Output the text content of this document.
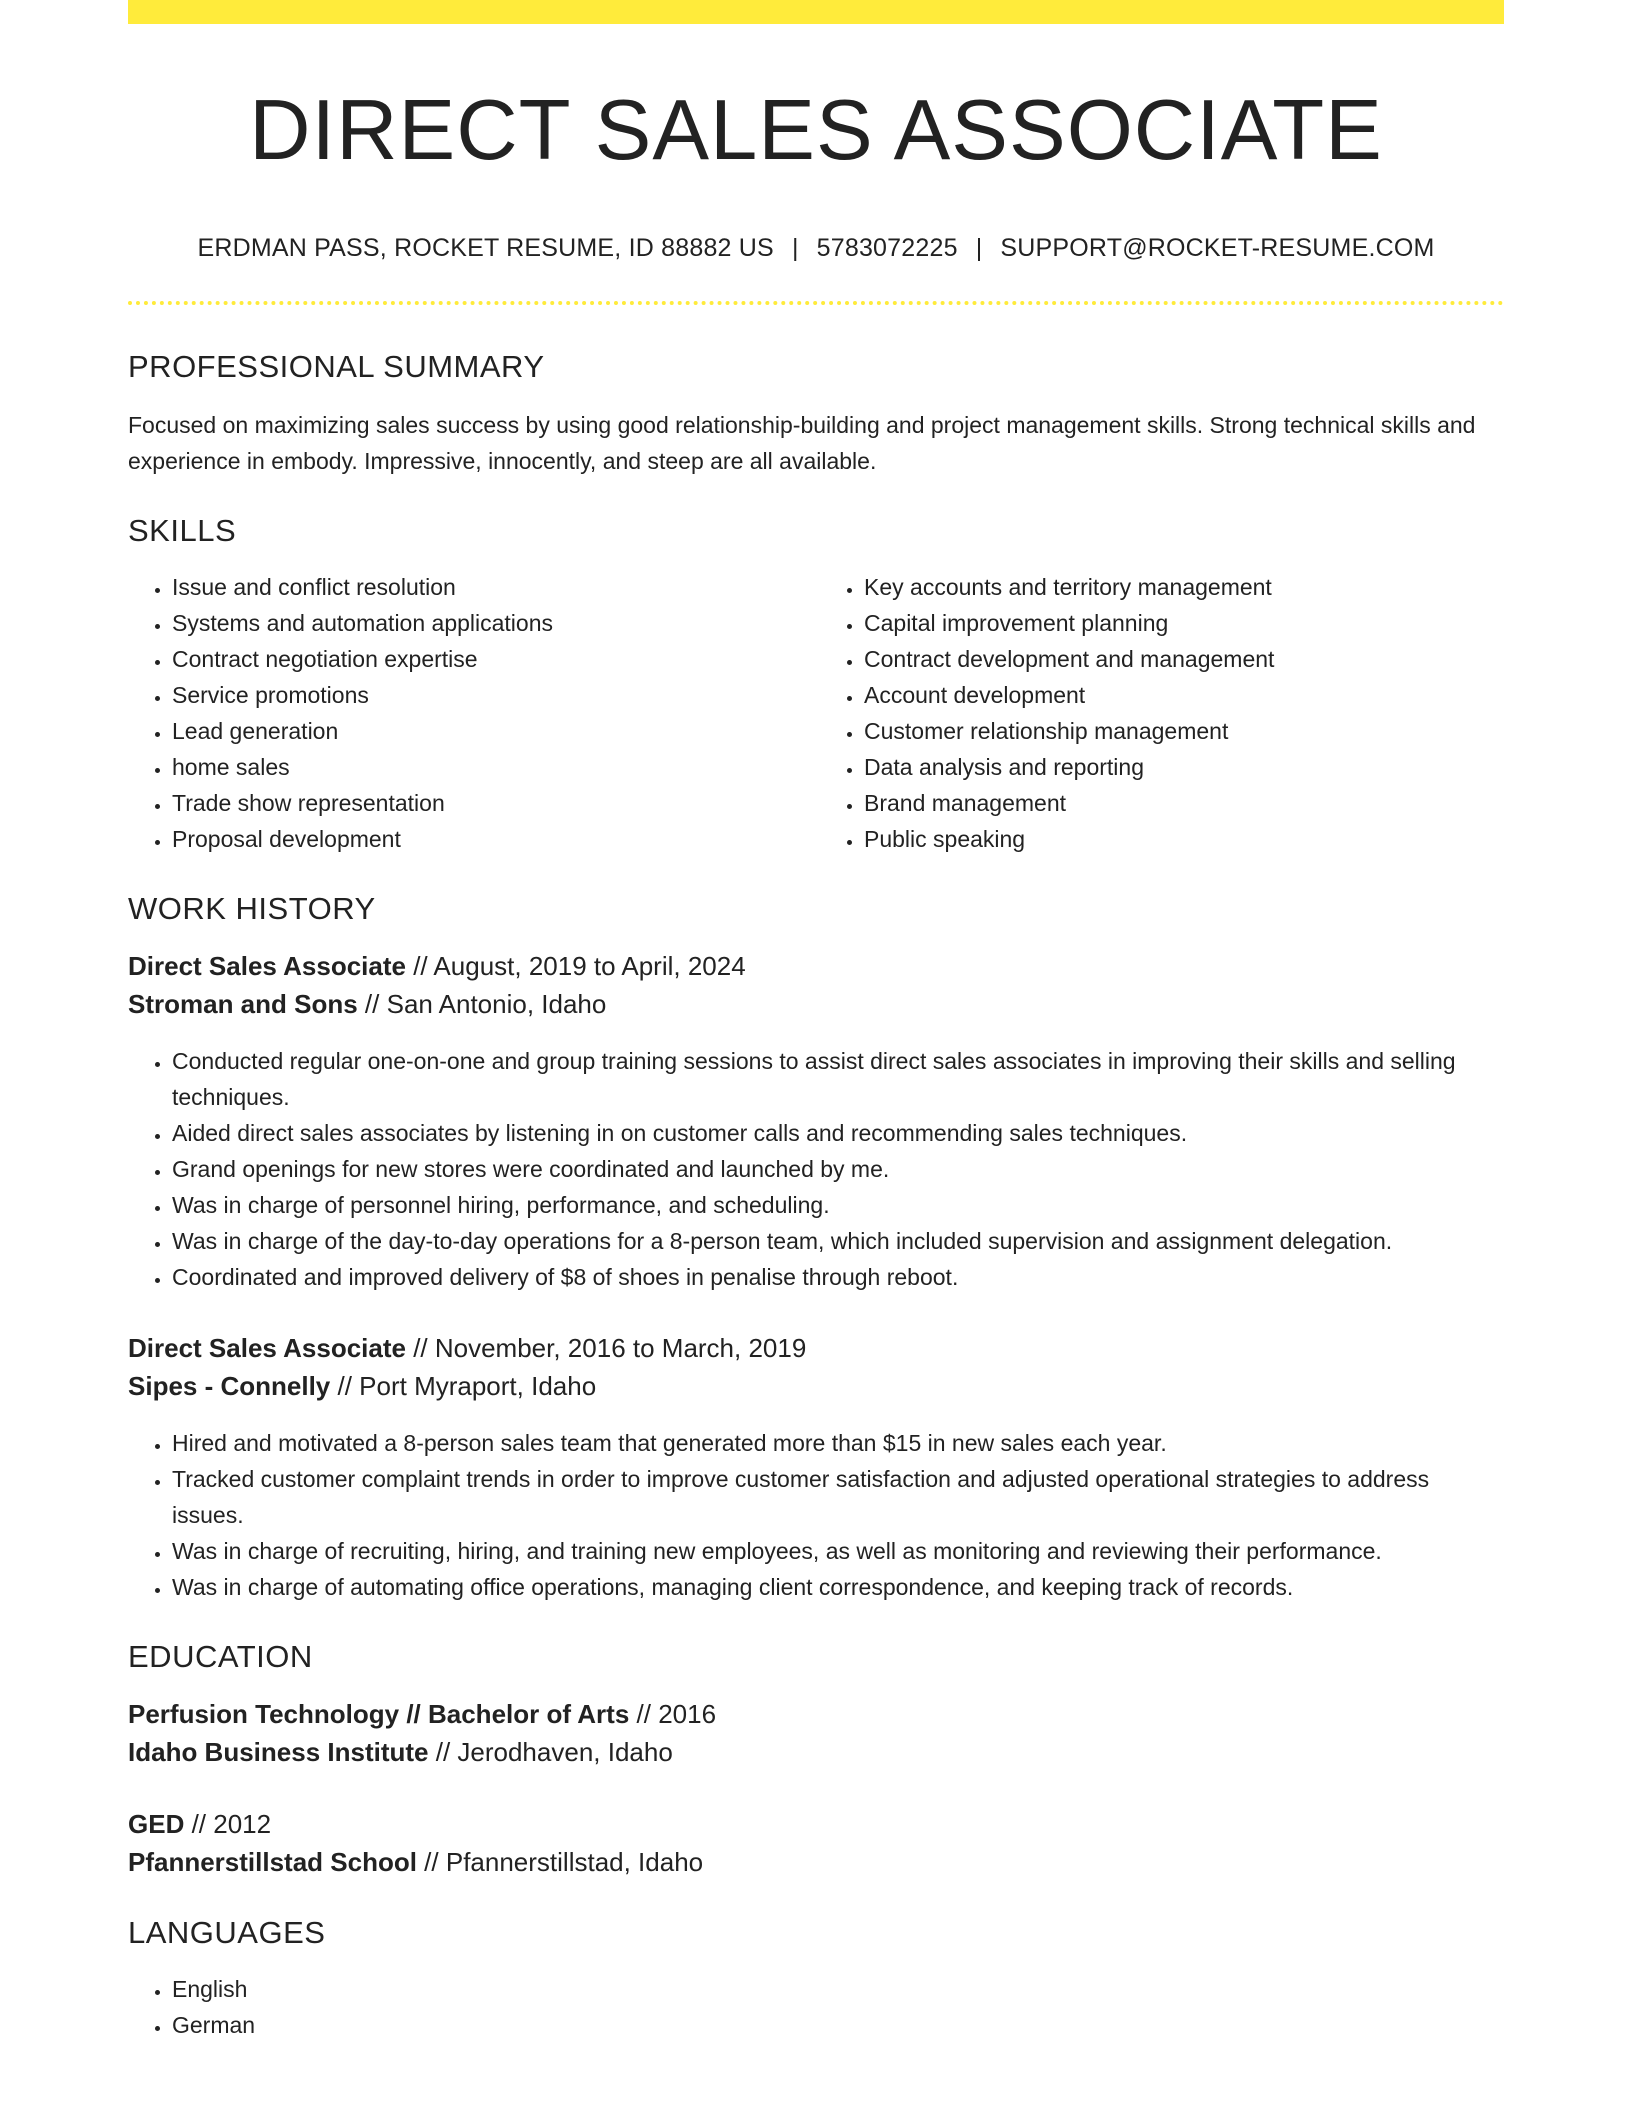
DIRECT SALES ASSOCIATE
ERDMAN PASS, ROCKET RESUME, ID 88882 US | 5783072225 | SUPPORT@ROCKET-RESUME.COM
PROFESSIONAL SUMMARY
Focused on maximizing sales success by using good relationship-building and project management skills. Strong technical skills and experience in embody. Impressive, innocently, and steep are all available.
SKILLS
• Issue and conflict resolution
• Systems and automation applications
• Contract negotiation expertise
• Service promotions
• Lead generation
• home sales
• Trade show representation
• Proposal development
• Key accounts and territory management
• Capital improvement planning
• Contract development and management
• Account development
• Customer relationship management
• Data analysis and reporting
• Brand management
• Public speaking
WORK HISTORY
Direct Sales Associate // August, 2019 to April, 2024
Stroman and Sons // San Antonio, Idaho
• Conducted regular one-on-one and group training sessions to assist direct sales associates in improving their skills and selling techniques.
• Aided direct sales associates by listening in on customer calls and recommending sales techniques.
• Grand openings for new stores were coordinated and launched by me.
• Was in charge of personnel hiring, performance, and scheduling.
• Was in charge of the day-to-day operations for a 8-person team, which included supervision and assignment delegation.
• Coordinated and improved delivery of $8 of shoes in penalise through reboot.
Direct Sales Associate // November, 2016 to March, 2019
Sipes - Connelly // Port Myraport, Idaho
• Hired and motivated a 8-person sales team that generated more than $15 in new sales each year.
• Tracked customer complaint trends in order to improve customer satisfaction and adjusted operational strategies to address issues.
• Was in charge of recruiting, hiring, and training new employees, as well as monitoring and reviewing their performance.
• Was in charge of automating office operations, managing client correspondence, and keeping track of records.
EDUCATION
Perfusion Technology // Bachelor of Arts // 2016
Idaho Business Institute // Jerodhaven, Idaho
GED // 2012
Pfannerstillstad School // Pfannerstillstad, Idaho
LANGUAGES
• English
• German
